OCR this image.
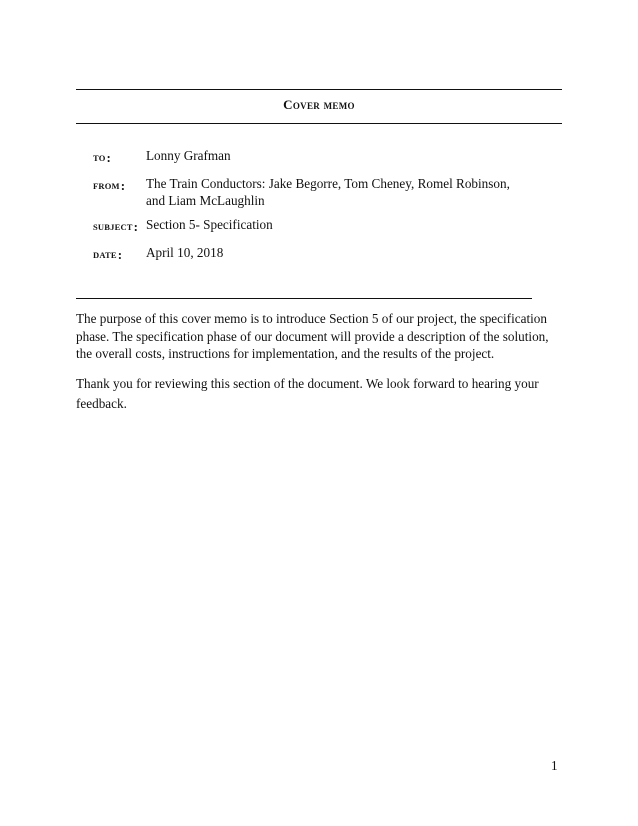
Cover memo
TO:	Lonny Grafman
FROM: The Train Conductors: Jake Begorre, Tom Cheney, Romel Robinson, and Liam McLaughlin
SUBJECT: Section 5- Specification
DATE: April 10, 2018
The purpose of this cover memo is to introduce Section 5 of our project, the specification phase. The specification phase of our document will provide a description of the solution, the overall costs, instructions for implementation, and the results of the project.
Thank you for reviewing this section of the document. We look forward to hearing your feedback.
1
